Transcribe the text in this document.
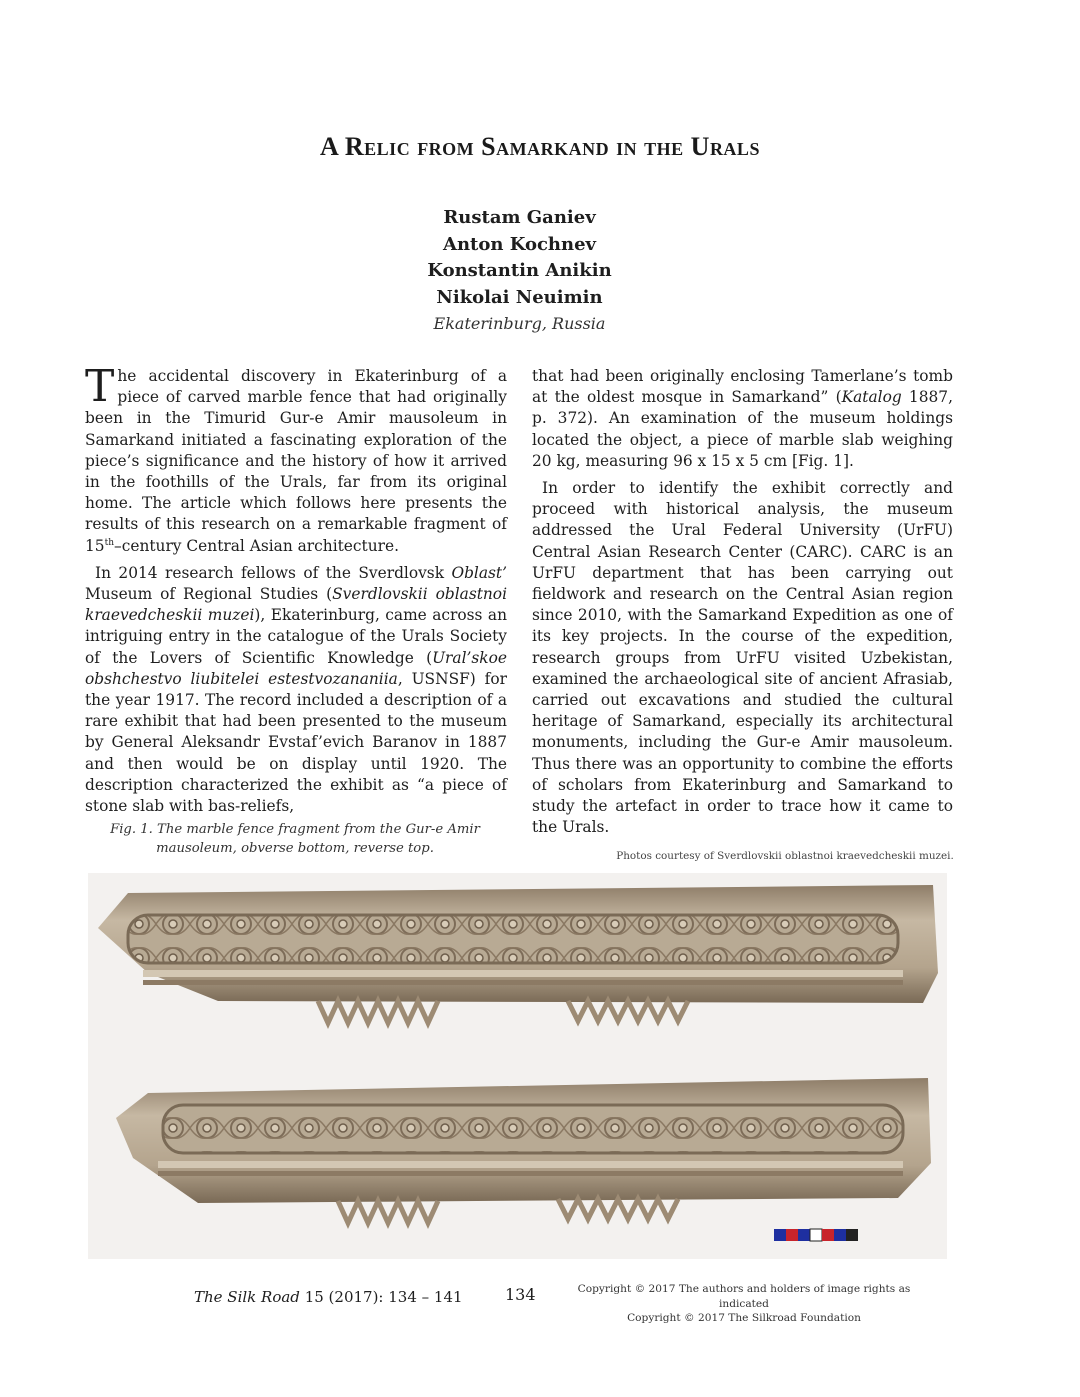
A Relic from Samarkand in the Urals
Rustam Ganiev
Anton Kochnev
Konstantin Anikin
Nikolai Neuimin
Ekaterinburg, Russia

The accidental discovery in Ekaterinburg of a piece of carved marble fence that had originally been in the Timurid Gur-e Amir mausoleum in Samarkand initiated a fascinating exploration of the piece’s significance and the history of how it arrived in the foothills of the Urals, far from its original home. The article which follows here presents the results of this research on a remarkable fragment of 15th–century Central Asian architecture.

In 2014 research fellows of the Sverdlovsk Oblast’ Museum of Regional Studies (Sverdlovskii oblastnoi kraevedcheskii muzei), Ekaterinburg, came across an intriguing entry in the catalogue of the Urals Society of the Lovers of Scientific Knowledge (Ural’skoe obshchestvo liubitelei estestvozananiia, USNSF) for the year 1917. The record included a description of a rare exhibit that had been presented to the museum by General Aleksandr Evstaf’evich Baranov in 1887 and then would be on display until 1920. The description characterized the exhibit as “a piece of stone slab with bas-reliefs,

that had been originally enclosing Tamerlane’s tomb at the oldest mosque in Samarkand” (Katalog 1887, p. 372). An examination of the museum holdings located the object, a piece of marble slab weighing 20 kg, measuring 96 x 15 x 5 cm [Fig. 1].

In order to identify the exhibit correctly and proceed with historical analysis, the museum addressed the Ural Federal University (UrFU) Central Asian Research Center (CARC). CARC is an UrFU department that has been carrying out fieldwork and research on the Central Asian region since 2010, with the Samarkand Expedition as one of its key projects. In the course of the expedition, research groups from UrFU visited Uzbekistan, examined the archaeological site of ancient Afrasiab, carried out excavations and studied the cultural heritage of Samarkand, especially its architectural monuments, including the Gur-e Amir mausoleum. Thus there was an opportunity to combine the efforts of scholars from Ekaterinburg and Samarkand to study the artefact in order to trace how it came to the Urals.

Fig. 1. The marble fence fragment from the Gur-e Amir mausoleum, obverse bottom, reverse top.	Photos courtesy of Sverdlovskii oblastnoi kraevedcheskii muzei.
The Silk Road 15 (2017): 134 – 141	134	Copyright © 2017 The authors and holders of image rights as indicated
Copyright © 2017 The Silkroad Foundation
